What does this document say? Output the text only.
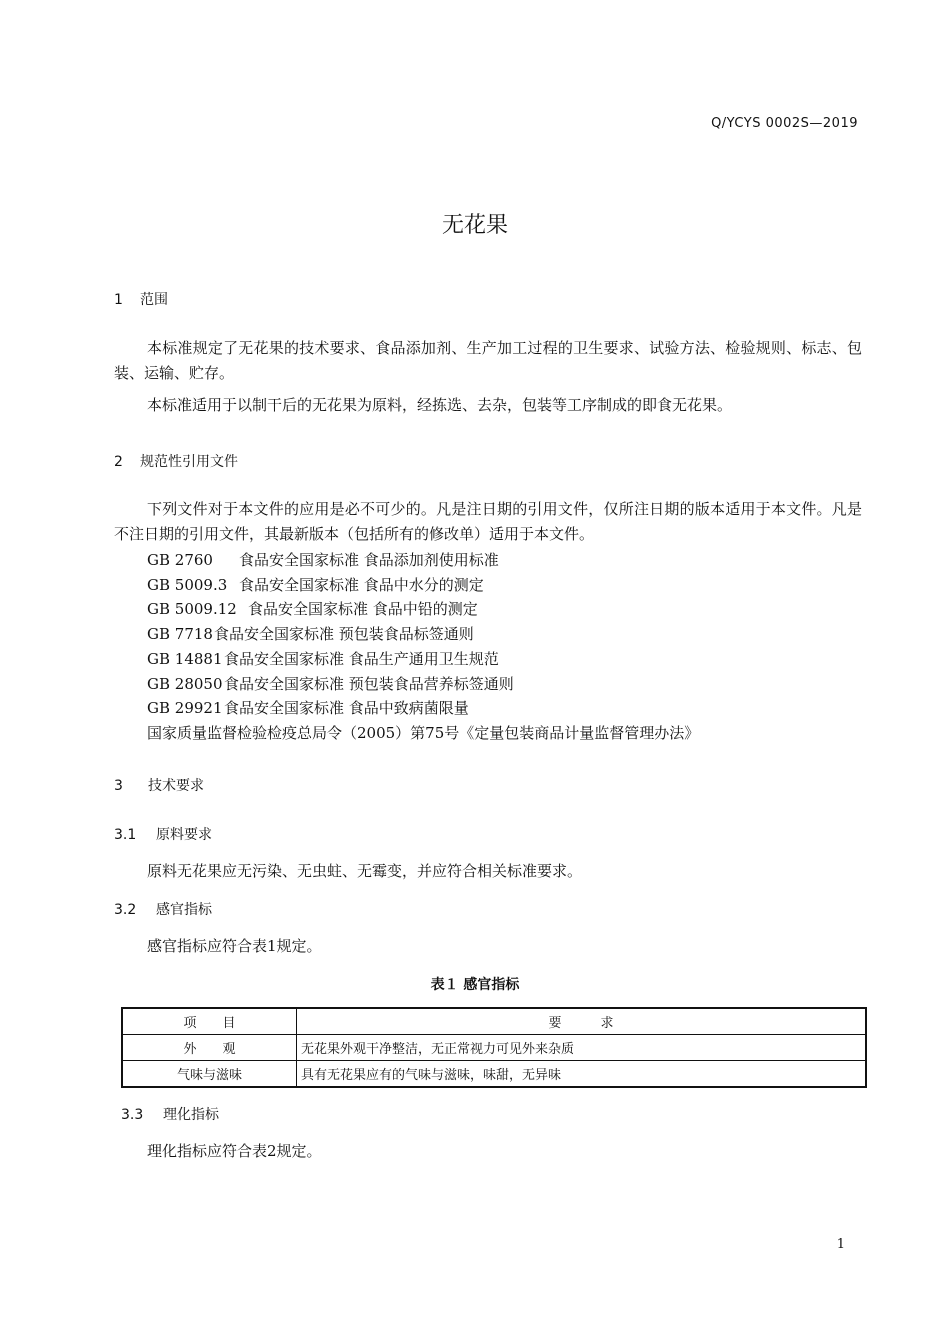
Q/YCYS 0002S—2019
无花果
1 范围
本标准规定了无花果的技术要求、食品添加剂、生产加工过程的卫生要求、试验方法、检验规则、标志、包装、运输、贮存。
本标准适用于以制干后的无花果为原料，经拣选、去杂，包装等工序制成的即食无花果。
2 规范性引用文件
下列文件对于本文件的应用是必不可少的。凡是注日期的引用文件，仅所注日期的版本适用于本文件。凡是不注日期的引用文件，其最新版本（包括所有的修改单）适用于本文件。
GB 2760 食品安全国家标准 食品添加剂使用标准
GB 5009.3 食品安全国家标准 食品中水分的测定
GB 5009.12 食品安全国家标准 食品中铅的测定
GB 7718食品安全国家标准 预包装食品标签通则
GB 14881 食品安全国家标准 食品生产通用卫生规范
GB 28050 食品安全国家标准 预包装食品营养标签通则
GB 29921 食品安全国家标准 食品中致病菌限量
国家质量监督检验检疫总局令（2005）第75号《定量包装商品计量监督管理办法》
3 技术要求
3.1 原料要求
原料无花果应无污染、无虫蛀、无霉变，并应符合相关标准要求。
3.2 感官指标
感官指标应符合表1规定。
表１ 感官指标
项　　目	要　　　求
外　　观	无花果外观干净整洁，无正常视力可见外来杂质
气味与滋味	具有无花果应有的气味与滋味，味甜，无异味
3.3 理化指标
理化指标应符合表2规定。
1
